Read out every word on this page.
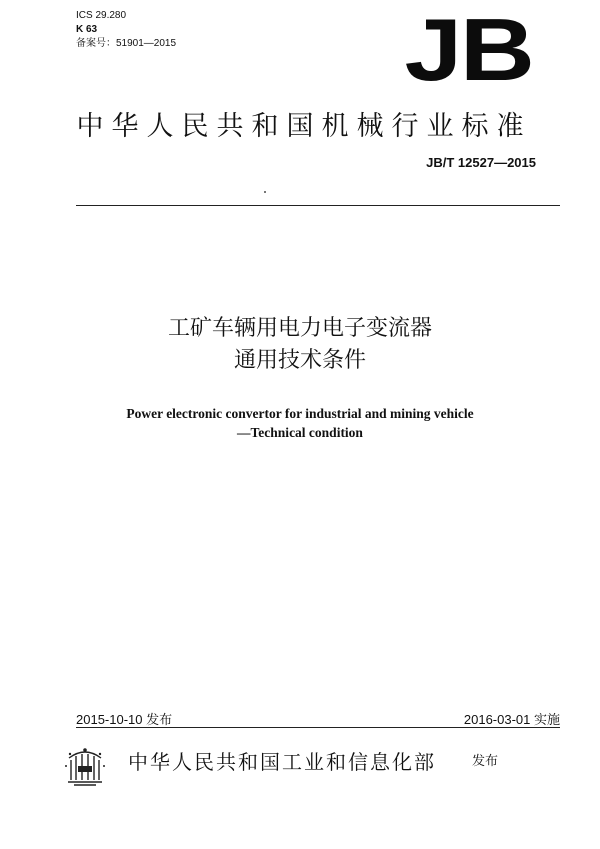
ICS 29.280
K 63
备案号：51901—2015	JB
中华人民共和国机械行业标准
JB/T 12527—2015
工矿车辆用电力电子变流器
通用技术条件
Power electronic convertor for industrial and mining vehicle
—Technical condition
2015-10-10 发布	2016-03-01 实施
中华人民共和国工业和信息化部	发布
